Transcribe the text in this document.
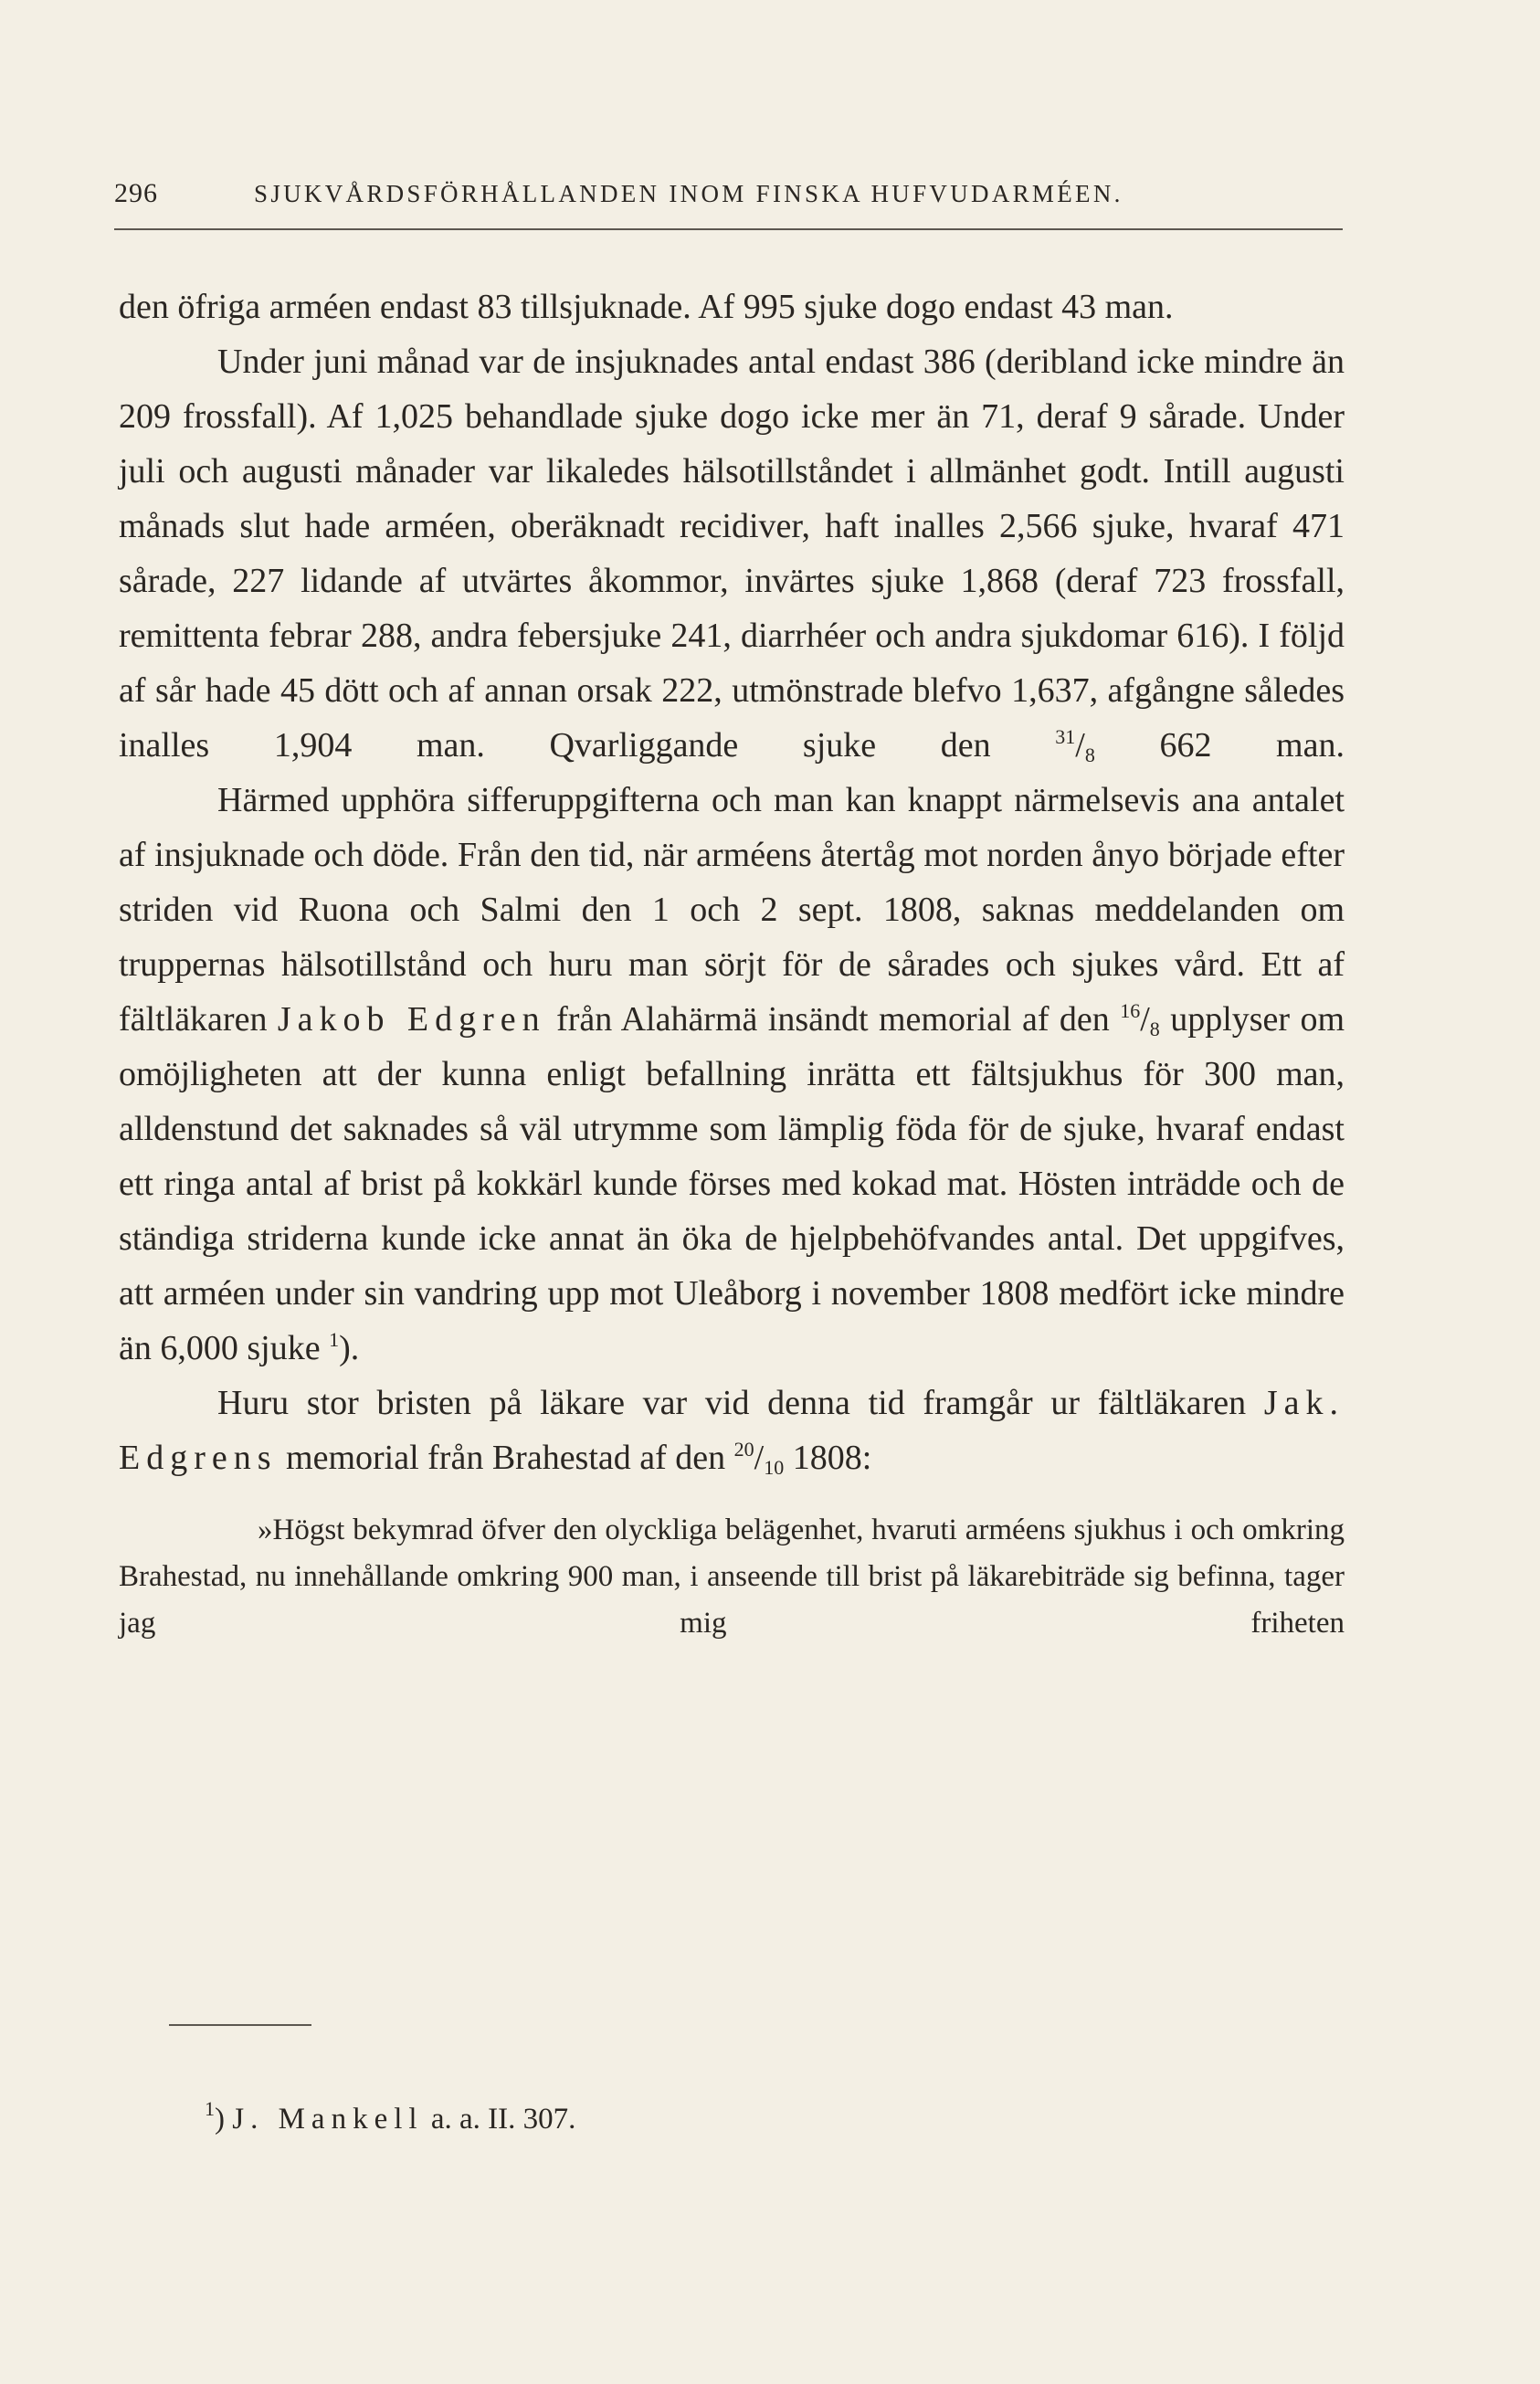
296	SJUKVÅRDSFÖRHÅLLANDEN INOM FINSKA HUFVUDARMÉEN.

den öfriga arméen endast 83 tillsjuknade. Af 995 sjuke dogo endast 43 man.

Under juni månad var de insjuknades antal endast 386 (deribland icke mindre än 209 frossfall). Af 1,025 behandlade sjuke dogo icke mer än 71, deraf 9 sårade. Under juli och augusti månader var likaledes hälsotillståndet i allmänhet godt. Intill augusti månads slut hade arméen, oberäknadt recidiver, haft inalles 2,566 sjuke, hvaraf 471 sårade, 227 lidande af utvärtes åkommor, invärtes sjuke 1,868 (deraf 723 frossfall, remittenta febrar 288, andra febersjuke 241, diarrhéer och andra sjukdomar 616). I följd af sår hade 45 dött och af annan orsak 222, utmönstrade blefvo 1,637, afgångne således inalles 1,904 man. Qvarliggande sjuke den	$^{31}/_8$ 662 man.

Härmed upphöra sifferuppgifterna och man kan knappt närmelsevis ana antalet af insjuknade och döde. Från den tid, när arméens återtåg mot norden ånyo började efter striden vid Ruona och Salmi den 1 och 2 sept. 1808, saknas meddelanden om truppernas hälsotillstånd och huru man sörjt för de sårades och sjukes vård. Ett af fältläkaren Jakob Edgren från Alahärmä insändt memorial af den $^{16}/_8$ upplyser om omöjligheten att der kunna enligt befallning inrätta ett fältsjukhus för 300 man, alldenstund det saknades så väl utrymme som lämplig föda för de sjuke, hvaraf endast ett ringa antal af brist på kokkärl kunde förses med kokad mat. Hösten inträdde och de ständiga striderna kunde icke annat än öka de hjelpbehöfvandes antal. Det uppgifves, att arméen under sin vandring upp mot Uleåborg i november 1808 medfört icke mindre än 6,000 sjuke $^1$).

Huru stor bristen på läkare var vid denna tid framgår ur fältläkaren Jak. Edgrens memorial från Brahestad af den $^{20}/_{10}$ 1808:

»Högst bekymrad öfver den olyckliga belägenhet, hvaruti arméens sjukhus i och omkring Brahestad, nu innehållande omkring 900 man, i anseende till brist på läkarebiträde sig befinna, tager jag mig friheten

$^1$) J. Mankell a. a. II. 307.
